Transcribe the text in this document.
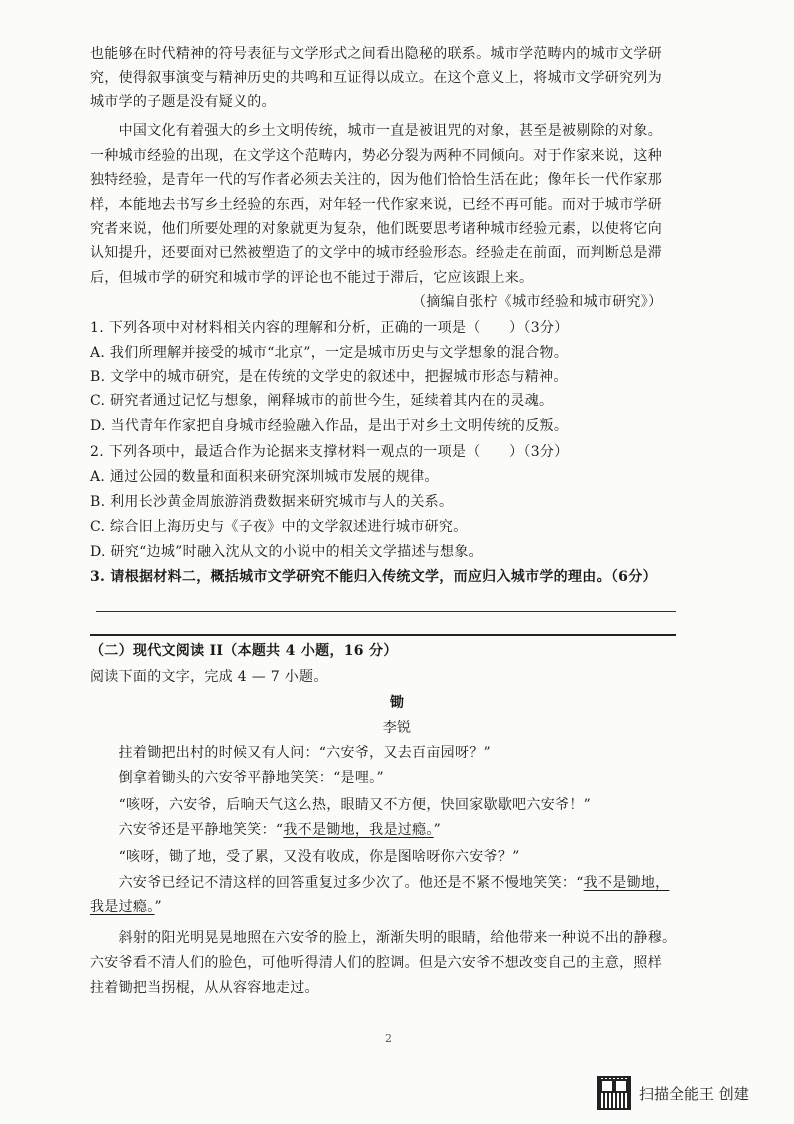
也能够在时代精神的符号表征与文学形式之间看出隐秘的联系。城市学范畴内的城市文学研
究，使得叙事演变与精神历史的共鸣和互证得以成立。在这个意义上，将城市文学研究列为
城市学的子题是没有疑义的。
　　中国文化有着强大的乡土文明传统，城市一直是被诅咒的对象，甚至是被剔除的对象。
一种城市经验的出现，在文学这个范畴内，势必分裂为两种不同倾向。对于作家来说，这种
独特经验，是青年一代的写作者必须去关注的，因为他们恰恰生活在此；像年长一代作家那
样，本能地去书写乡土经验的东西，对年轻一代作家来说，已经不再可能。而对于城市学研
究者来说，他们所要处理的对象就更为复杂，他们既要思考诸种城市经验元素，以使将它向
认知提升，还要面对已然被塑造了的文学中的城市经验形态。经验走在前面，而判断总是滞
后，但城市学的研究和城市学的评论也不能过于滞后，它应该跟上来。
（摘编自张柠《城市经验和城市研究》）
1. 下列各项中对材料相关内容的理解和分析，正确的一项是（　　）（3分）
A. 我们所理解并接受的城市“北京”，一定是城市历史与文学想象的混合物。
B. 文学中的城市研究，是在传统的文学史的叙述中，把握城市形态与精神。
C. 研究者通过记忆与想象，阐释城市的前世今生，延续着其内在的灵魂。
D. 当代青年作家把自身城市经验融入作品，是出于对乡土文明传统的反叛。
2. 下列各项中，最适合作为论据来支撑材料一观点的一项是（　　）（3分）
A. 通过公园的数量和面积来研究深圳城市发展的规律。
B. 利用长沙黄金周旅游消费数据来研究城市与人的关系。
C. 综合旧上海历史与《子夜》中的文学叙述进行城市研究。
D. 研究“边城”时融入沈从文的小说中的相关文学描述与想象。
3. 请根据材料二，概括城市文学研究不能归入传统文学，而应归入城市学的理由。（6分）
（二）现代文阅读 II（本题共 4 小题，16 分）
阅读下面的文字，完成 4 — 7 小题。
锄
李锐
　　拄着锄把出村的时候又有人问：“六安爷，又去百亩园呀？”
　　倒拿着锄头的六安爷平静地笑笑：“是哩。”
　　“咳呀，六安爷，后晌天气这么热，眼睛又不方便，快回家歇歇吧六安爷！”
　　六安爷还是平静地笑笑：“我不是锄地，我是过瘾。”
　　“咳呀，锄了地，受了累，又没有收成，你是图啥呀你六安爷？”
　　六安爷已经记不清这样的回答重复过多少次了。他还是不紧不慢地笑笑：“我不是锄地，
我是过瘾。”
　　斜射的阳光明晃晃地照在六安爷的脸上，渐渐失明的眼睛，给他带来一种说不出的静穆。
六安爷看不清人们的脸色，可他听得清人们的腔调。但是六安爷不想改变自己的主意，照样
拄着锄把当拐棍，从从容容地走过。
2
扫描全能王 创建
